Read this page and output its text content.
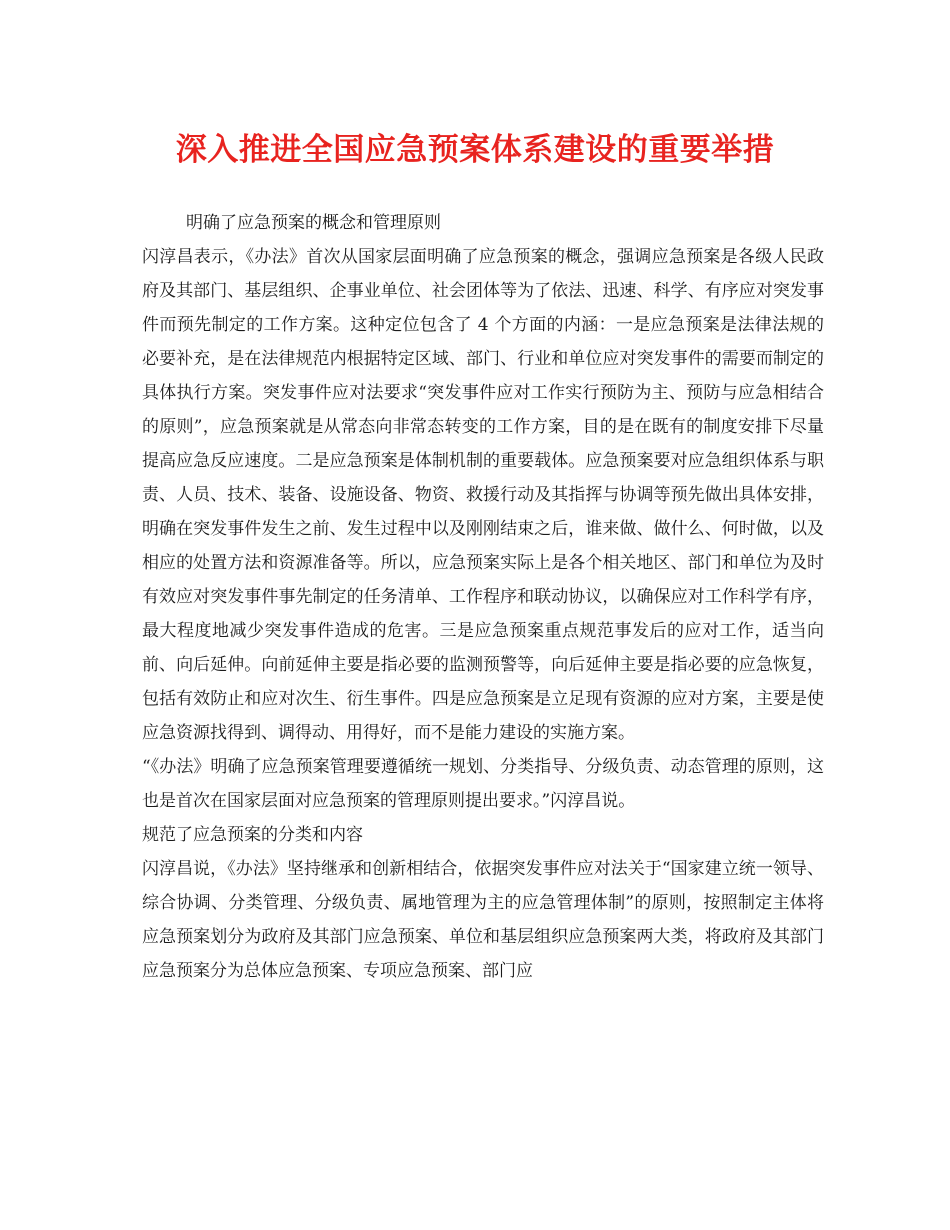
深入推进全国应急预案体系建设的重要举措

明确了应急预案的概念和管理原则

闪淳昌表示，《办法》首次从国家层面明确了应急预案的概念，强调应急预案是各级人民政府及其部门、基层组织、企事业单位、社会团体等为了依法、迅速、科学、有序应对突发事件而预先制定的工作方案。这种定位包含了 4 个方面的内涵：一是应急预案是法律法规的必要补充，是在法律规范内根据特定区域、部门、行业和单位应对突发事件的需要而制定的具体执行方案。突发事件应对法要求“突发事件应对工作实行预防为主、预防与应急相结合的原则”，应急预案就是从常态向非常态转变的工作方案，目的是在既有的制度安排下尽量提高应急反应速度。二是应急预案是体制机制的重要载体。应急预案要对应急组织体系与职责、人员、技术、装备、设施设备、物资、救援行动及其指挥与协调等预先做出具体安排，明确在突发事件发生之前、发生过程中以及刚刚结束之后，谁来做、做什么、何时做，以及相应的处置方法和资源准备等。所以，应急预案实际上是各个相关地区、部门和单位为及时有效应对突发事件事先制定的任务清单、工作程序和联动协议，以确保应对工作科学有序，最大程度地减少突发事件造成的危害。三是应急预案重点规范事发后的应对工作，适当向前、向后延伸。向前延伸主要是指必要的监测预警等，向后延伸主要是指必要的应急恢复，包括有效防止和应对次生、衍生事件。四是应急预案是立足现有资源的应对方案，主要是使应急资源找得到、调得动、用得好，而不是能力建设的实施方案。

“《办法》明确了应急预案管理要遵循统一规划、分类指导、分级负责、动态管理的原则，这也是首次在国家层面对应急预案的管理原则提出要求。”闪淳昌说。

规范了应急预案的分类和内容

闪淳昌说，《办法》坚持继承和创新相结合，依据突发事件应对法关于“国家建立统一领导、综合协调、分类管理、分级负责、属地管理为主的应急管理体制”的原则，按照制定主体将应急预案划分为政府及其部门应急预案、单位和基层组织应急预案两大类，将政府及其部门应急预案分为总体应急预案、专项应急预案、部门应
